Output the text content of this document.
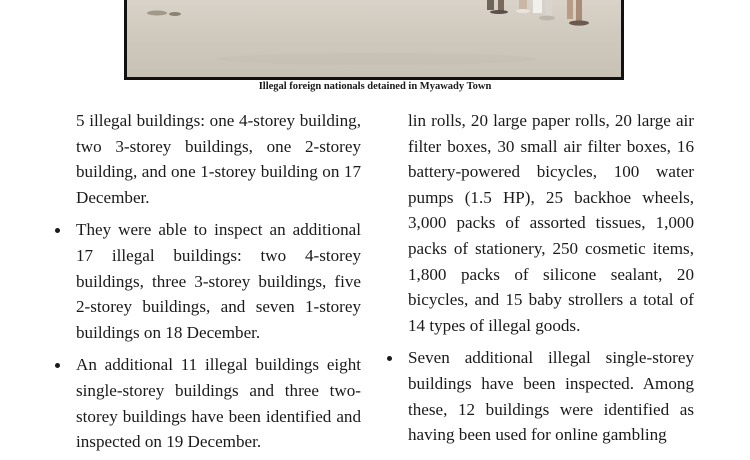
Illegal foreign nationals detained in Myawady Town

5 illegal buildings: one 4-storey building, two 3-storey buildings, one 2-storey building, and one 1-storey building on 17 December.

They were able to inspect an additional 17 illegal buildings: two 4-storey buildings, three 3-storey buildings, five 2-storey buildings, and seven 1-storey buildings on 18 December.

An additional 11 illegal buildings eight single-storey buildings and three two-storey buildings have been identified and inspected on 19 December.

lin rolls, 20 large paper rolls, 20 large air filter boxes, 30 small air filter boxes, 16 battery-powered bicycles, 100 water pumps (1.5 HP), 25 backhoe wheels, 3,000 packs of assorted tissues, 1,000 packs of stationery, 250 cosmetic items, 1,800 packs of silicone sealant, 20 bicycles, and 15 baby strollers a total of 14 types of illegal goods.

Seven additional illegal single-storey buildings have been inspected. Among these, 12 buildings were identified as having been used for online gambling
